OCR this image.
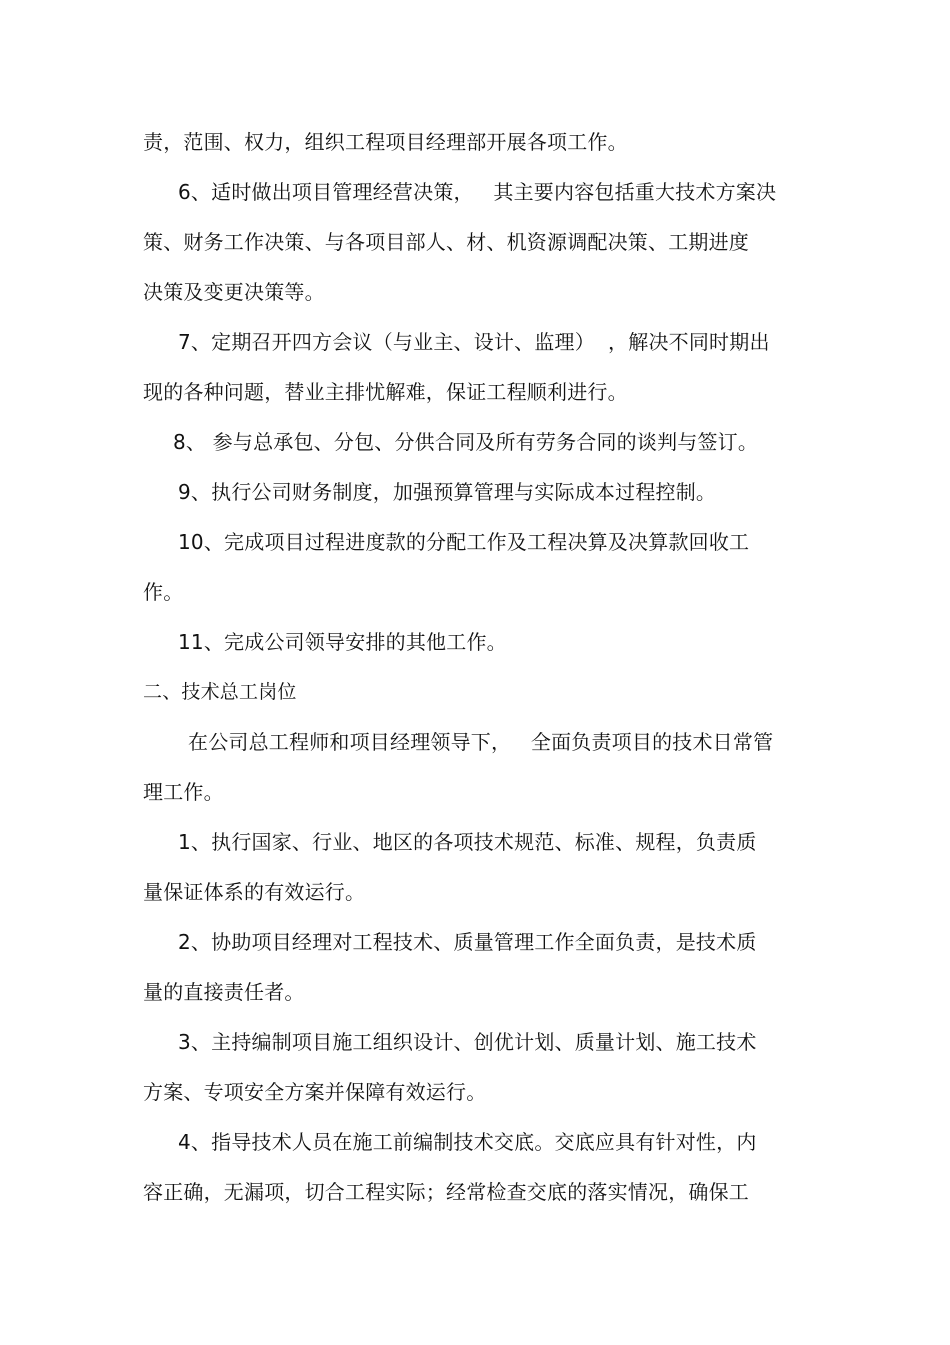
责，范围、权力，组织工程项目经理部开展各项工作。
6、适时做出项目管理经营决策，   其主要内容包括重大技术方案决
策、财务工作决策、与各项目部人、材、机资源调配决策、工期进度
决策及变更决策等。
7、定期召开四方会议（与业主、设计、监理）  ，解决不同时期出
现的各种问题，替业主排忧解难，保证工程顺利进行。
8、 参与总承包、分包、分供合同及所有劳务合同的谈判与签订。
9、执行公司财务制度，加强预算管理与实际成本过程控制。
10、完成项目过程进度款的分配工作及工程决算及决算款回收工
作。
11、完成公司领导安排的其他工作。
二、技术总工岗位
在公司总工程师和项目经理领导下，   全面负责项目的技术日常管
理工作。
1、执行国家、行业、地区的各项技术规范、标准、规程，负责质
量保证体系的有效运行。
2、协助项目经理对工程技术、质量管理工作全面负责，是技术质
量的直接责任者。
3、主持编制项目施工组织设计、创优计划、质量计划、施工技术
方案、专项安全方案并保障有效运行。
4、指导技术人员在施工前编制技术交底。交底应具有针对性，内
容正确，无漏项，切合工程实际；经常检查交底的落实情况，确保工
